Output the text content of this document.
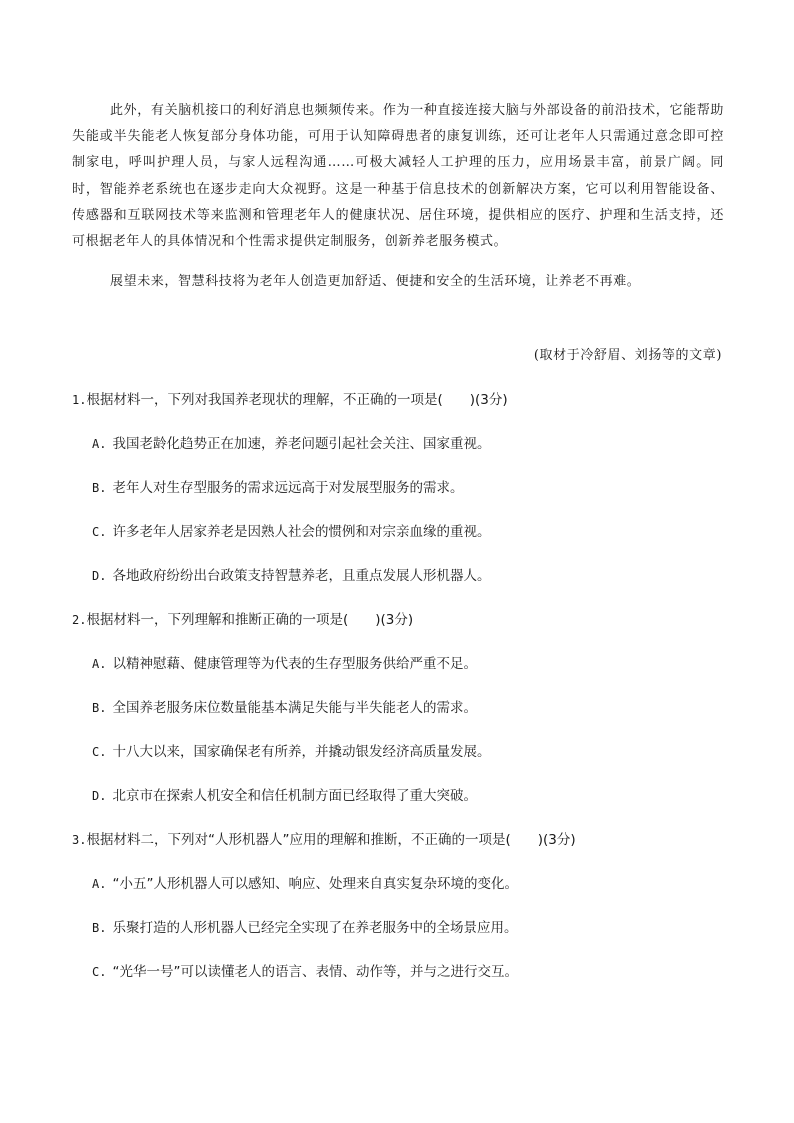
此外，有关脑机接口的利好消息也频频传来。作为一种直接连接大脑与外部设备的前沿技术，它能帮助失能或半失能老人恢复部分身体功能，可用于认知障碍患者的康复训练，还可让老年人只需通过意念即可控制家电，呼叫护理人员，与家人远程沟通……可极大减轻人工护理的压力，应用场景丰富，前景广阔。同时，智能养老系统也在逐步走向大众视野。这是一种基于信息技术的创新解决方案，它可以利用智能设备、传感器和互联网技术等来监测和管理老年人的健康状况、居住环境，提供相应的医疗、护理和生活支持，还可根据老年人的具体情况和个性需求提供定制服务，创新养老服务模式。

展望未来，智慧科技将为老年人创造更加舒适、便捷和安全的生活环境，让养老不再难。

(取材于冷舒眉、刘扬等的文章)
1.根据材料一，下列对我国养老现状的理解，不正确的一项是(　　)(3分)
A. 我国老龄化趋势正在加速，养老问题引起社会关注、国家重视。
B. 老年人对生存型服务的需求远远高于对发展型服务的需求。
C. 许多老年人居家养老是因熟人社会的惯例和对宗亲血缘的重视。
D. 各地政府纷纷出台政策支持智慧养老，且重点发展人形机器人。
2.根据材料一，下列理解和推断正确的一项是(　　)(3分)
A. 以精神慰藉、健康管理等为代表的生存型服务供给严重不足。
B. 全国养老服务床位数量能基本满足失能与半失能老人的需求。
C. 十八大以来，国家确保老有所养，并撬动银发经济高质量发展。
D. 北京市在探索人机安全和信任机制方面已经取得了重大突破。
3.根据材料二，下列对“人形机器人”应用的理解和推断，不正确的一项是(　　)(3分)
A. “小五”人形机器人可以感知、响应、处理来自真实复杂环境的变化。
B. 乐聚打造的人形机器人已经完全实现了在养老服务中的全场景应用。
C. “光华一号”可以读懂老人的语言、表情、动作等，并与之进行交互。
